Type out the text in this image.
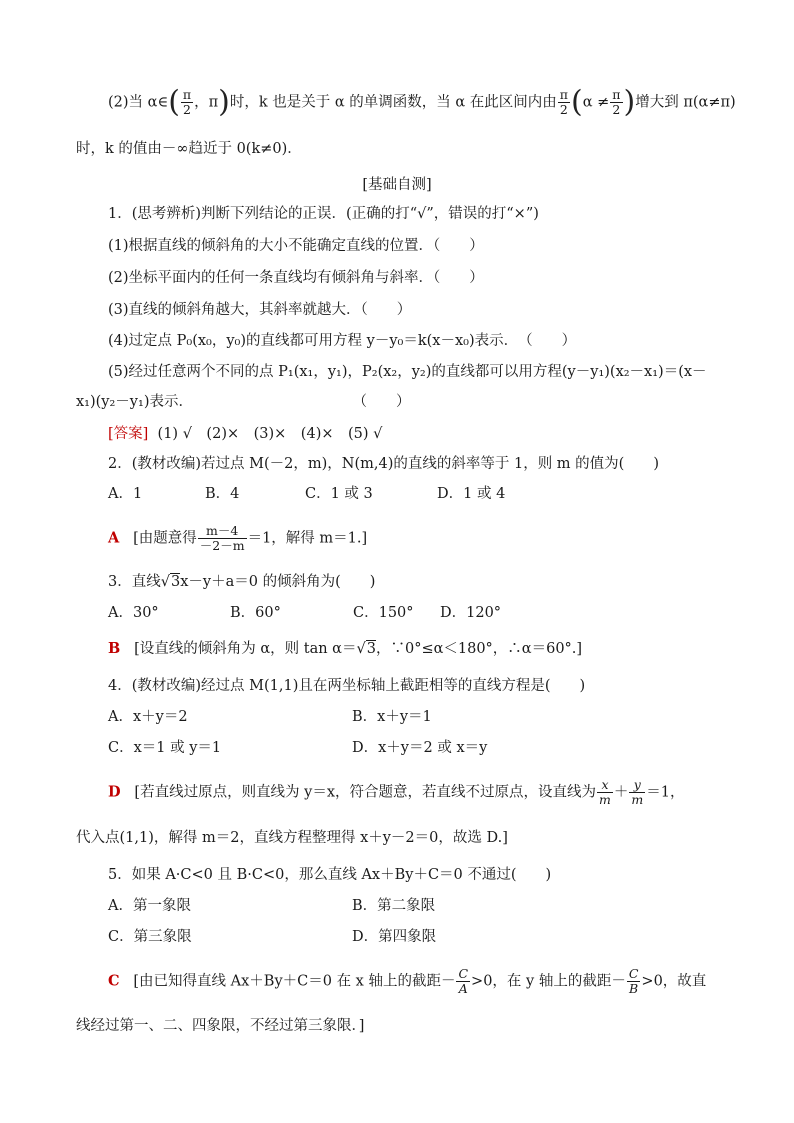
(2)当 α∈( $\frac{\pi}{2}$ ，π)时，k 也是关于 α 的单调函数，当 α 在此区间内由 $\frac{\pi}{2} (\alpha \ne \frac{\pi}{2}$ )增大到 π(α≠π)
时，k 的值由－∞趋近于 0(k≠0)．
[基础自测]
1．(思考辨析)判断下列结论的正误．(正确的打“√”，错误的打“×”)
(1)根据直线的倾斜角的大小不能确定直线的位置．（　　）
(2)坐标平面内的任何一条直线均有倾斜角与斜率．（　　）
(3)直线的倾斜角越大，其斜率就越大．（　　）
(4)过定点 P₀(x₀，y₀)的直线都可用方程 y－y₀＝k(x－x₀)表示．　（　　）
(5)经过任意两个不同的点 P₁(x₁，y₁)，P₂(x₂，y₂)的直线都可以用方程(y－y₁)(x₂－x₁)＝(x－
x₁)(y₂－y₁)表示．　　　　　　　　　　　　（　　）
[答案] (1) √　(2)×　(3)×　(4)×　(5) √
2．(教材改编)若过点 M(－2，m)，N(m,4)的直线的斜率等于 1，则 m 的值为(　　)
A．1	B．4	C．1 或 3	D．1 或 4
A [由题意得 $\frac{m-4}{-2-m} =1$，解得 m＝1.]
3．直线√3x－y＋a＝0 的倾斜角为(　　)
A．30°	B．60°	C．150° D．120°
B [设直线的倾斜角为 α，则 tan α＝√3，∵0°≤α＜180°，∴α＝60°.]
4．(教材改编)经过点 M(1,1)且在两坐标轴上截距相等的直线方程是(　　)
A．x＋y＝2	B．x＋y＝1
C．x＝1 或 y＝1	D．x＋y＝2 或 x＝y
D [若直线过原点，则直线为 y＝x，符合题意，若直线不过原点，设直线为 $\frac{x}{m} + \frac{y}{m} =1$，
代入点(1,1)，解得 m＝2，直线方程整理得 x＋y－2＝0，故选 D.]
5．如果 A·C<0 且 B·C<0，那么直线 Ax＋By＋C＝0 不通过(　　)
A．第一象限	B．第二象限
C．第三象限	D．第四象限
C [由已知得直线 Ax＋By＋C＝0 在 x 轴上的截距－ $\frac{C}{A} >0$，在 y 轴上的截距－ $\frac{C}{B} >0$，故直
线经过第一、二、四象限，不经过第三象限．]
